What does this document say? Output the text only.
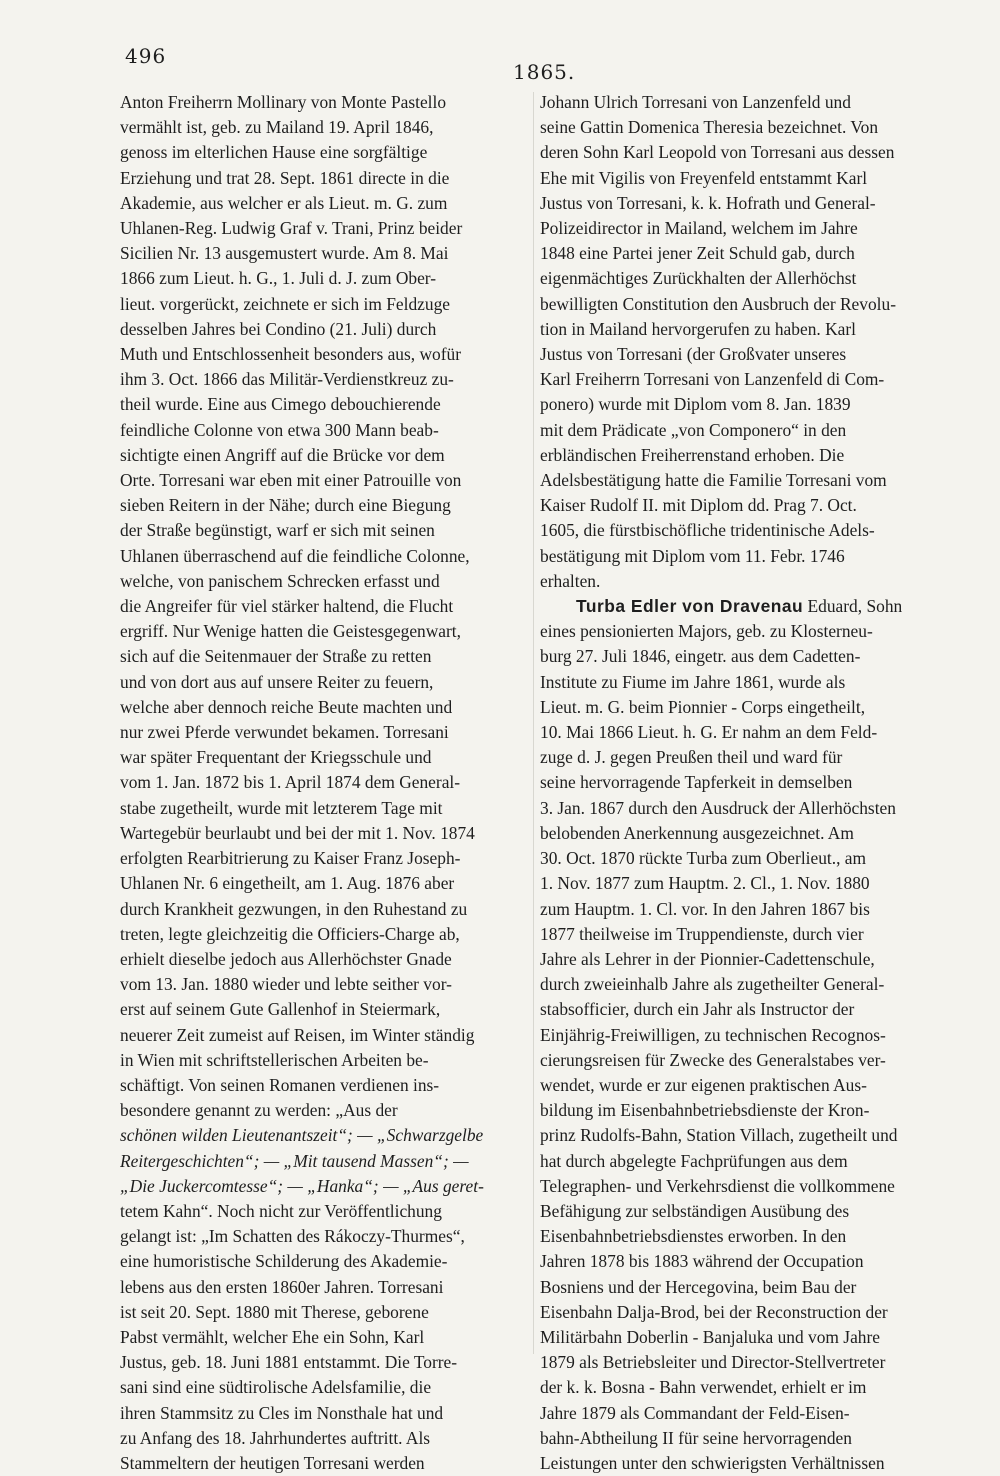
496
1865.
Anton Freiherrn Mollinary von Monte Pastello
vermählt ist, geb. zu Mailand 19. April 1846,
genoss im elterlichen Hause eine sorgfältige
Erziehung und trat 28. Sept. 1861 directe in die
Akademie, aus welcher er als Lieut. m. G. zum
Uhlanen-Reg. Ludwig Graf v. Trani, Prinz beider
Sicilien Nr. 13 ausgemustert wurde. Am 8. Mai
1866 zum Lieut. h. G., 1. Juli d. J. zum Ober-
lieut. vorgerückt, zeichnete er sich im Feldzuge
desselben Jahres bei Condino (21. Juli) durch
Muth und Entschlossenheit besonders aus, wofür
ihm 3. Oct. 1866 das Militär-Verdienstkreuz zu-
theil wurde. Eine aus Cimego debouchierende
feindliche Colonne von etwa 300 Mann beab-
sichtigte einen Angriff auf die Brücke vor dem
Orte. Torresani war eben mit einer Patrouille von
sieben Reitern in der Nähe; durch eine Biegung
der Straße begünstigt, warf er sich mit seinen
Uhlanen überraschend auf die feindliche Colonne,
welche, von panischem Schrecken erfasst und
die Angreifer für viel stärker haltend, die Flucht
ergriff. Nur Wenige hatten die Geistesgegenwart,
sich auf die Seitenmauer der Straße zu retten
und von dort aus auf unsere Reiter zu feuern,
welche aber dennoch reiche Beute machten und
nur zwei Pferde verwundet bekamen. Torresani
war später Frequentant der Kriegsschule und
vom 1. Jan. 1872 bis 1. April 1874 dem General-
stabe zugetheilt, wurde mit letzterem Tage mit
Wartegebür beurlaubt und bei der mit 1. Nov. 1874
erfolgten Rearbitrierung zu Kaiser Franz Joseph-
Uhlanen Nr. 6 eingetheilt, am 1. Aug. 1876 aber
durch Krankheit gezwungen, in den Ruhestand zu
treten, legte gleichzeitig die Officiers-Charge ab,
erhielt dieselbe jedoch aus Allerhöchster Gnade
vom 13. Jan. 1880 wieder und lebte seither vor-
erst auf seinem Gute Gallenhof in Steiermark,
neuerer Zeit zumeist auf Reisen, im Winter ständig
in Wien mit schriftstellerischen Arbeiten be-
schäftigt. Von seinen Romanen verdienen ins-
besondere genannt zu werden: „Aus der
schönen wilden Lieutenantszeit“; — „Schwarzgelbe
Reitergeschichten“; — „Mit tausend Massen“; —
„Die Juckercomtesse“; — „Hanka“; — „Aus geret-
tetem Kahn“. Noch nicht zur Veröffentlichung
gelangt ist: „Im Schatten des Rákoczy-Thurmes“,
eine humoristische Schilderung des Akademie-
lebens aus den ersten 1860er Jahren. Torresani
ist seit 20. Sept. 1880 mit Therese, geborene
Pabst vermählt, welcher Ehe ein Sohn, Karl
Justus, geb. 18. Juni 1881 entstammt. Die Torre-
sani sind eine südtirolische Adelsfamilie, die
ihren Stammsitz zu Cles im Nonsthale hat und
zu Anfang des 18. Jahrhundertes auftritt. Als
Stammeltern der heutigen Torresani werden
Johann Ulrich Torresani von Lanzenfeld und
seine Gattin Domenica Theresia bezeichnet. Von
deren Sohn Karl Leopold von Torresani aus dessen
Ehe mit Vigilis von Freyenfeld entstammt Karl
Justus von Torresani, k. k. Hofrath und General-
Polizeidirector in Mailand, welchem im Jahre
1848 eine Partei jener Zeit Schuld gab, durch
eigenmächtiges Zurückhalten der Allerhöchst
bewilligten Constitution den Ausbruch der Revolu-
tion in Mailand hervorgerufen zu haben. Karl
Justus von Torresani (der Großvater unseres
Karl Freiherrn Torresani von Lanzenfeld di Com-
ponero) wurde mit Diplom vom 8. Jan. 1839
mit dem Prädicate „von Componero“ in den
erbländischen Freiherrenstand erhoben. Die
Adelsbestätigung hatte die Familie Torresani vom
Kaiser Rudolf II. mit Diplom dd. Prag 7. Oct.
1605, die fürstbischöfliche tridentinische Adels-
bestätigung mit Diplom vom 11. Febr. 1746
erhalten.
Turba Edler von Dravenau Eduard, Sohn
eines pensionierten Majors, geb. zu Klosterneu-
burg 27. Juli 1846, eingetr. aus dem Cadetten-
Institute zu Fiume im Jahre 1861, wurde als
Lieut. m. G. beim Pionnier - Corps eingetheilt,
10. Mai 1866 Lieut. h. G. Er nahm an dem Feld-
zuge d. J. gegen Preußen theil und ward für
seine hervorragende Tapferkeit in demselben
3. Jan. 1867 durch den Ausdruck der Allerhöchsten
belobenden Anerkennung ausgezeichnet. Am
30. Oct. 1870 rückte Turba zum Oberlieut., am
1. Nov. 1877 zum Hauptm. 2. Cl., 1. Nov. 1880
zum Hauptm. 1. Cl. vor. In den Jahren 1867 bis
1877 theilweise im Truppendienste, durch vier
Jahre als Lehrer in der Pionnier-Cadettenschule,
durch zweieinhalb Jahre als zugetheilter General-
stabsofficier, durch ein Jahr als Instructor der
Einjährig-Freiwilligen, zu technischen Recognos-
cierungsreisen für Zwecke des Generalstabes ver-
wendet, wurde er zur eigenen praktischen Aus-
bildung im Eisenbahnbetriebsdienste der Kron-
prinz Rudolfs-Bahn, Station Villach, zugetheilt und
hat durch abgelegte Fachprüfungen aus dem
Telegraphen- und Verkehrsdienst die vollkommene
Befähigung zur selbständigen Ausübung des
Eisenbahnbetriebsdienstes erworben. In den
Jahren 1878 bis 1883 während der Occupation
Bosniens und der Hercegovina, beim Bau der
Eisenbahn Dalja-Brod, bei der Reconstruction der
Militärbahn Doberlin - Banjaluka und vom Jahre
1879 als Betriebsleiter und Director-Stellvertreter
der k. k. Bosna - Bahn verwendet, erhielt er im
Jahre 1879 als Commandant der Feld-Eisen-
bahn-Abtheilung II für seine hervorragenden
Leistungen unter den schwierigsten Verhältnissen
